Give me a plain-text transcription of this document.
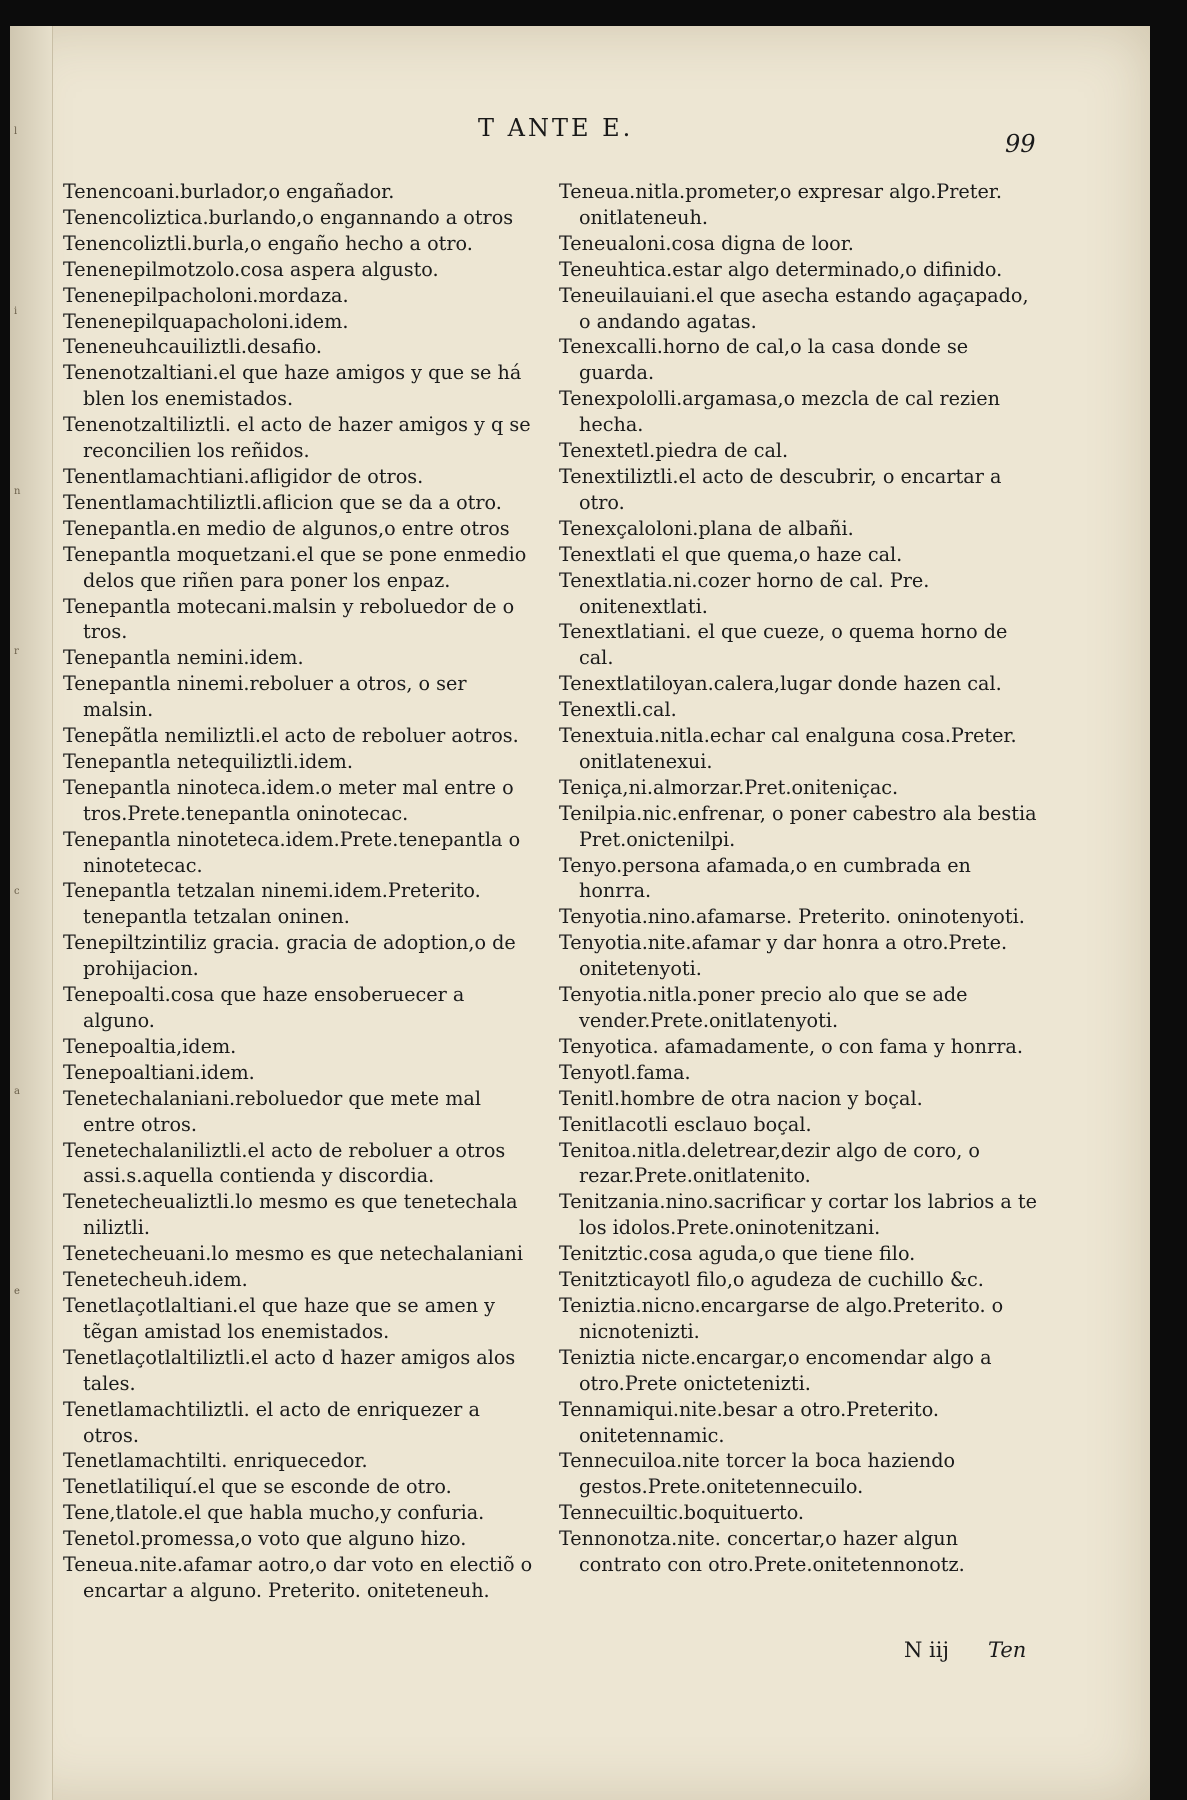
l
i
n
r
c
a
e
T ANTE E.
99
Tenencoani.burlador,o engañador.
Tenencoliztica.burlando,o engannando a otros
Tenencoliztli.burla,o engaño hecho a otro.
Tenenepilmotzolo.cosa aspera algusto.
Tenenepilpacholoni.mordaza.
Tenenepilquapacholoni.idem.
Teneneuhcauiliztli.desafio.
Tenenotzaltiani.el que haze amigos y que se há blen los enemistados.
Tenenotzaltiliztli. el acto de hazer amigos y q se reconcilien los reñidos.
Tenentlamachtiani.afligidor de otros.
Tenentlamachtiliztli.aflicion que se da a otro.
Tenepantla.en medio de algunos,o entre otros
Tenepantla moquetzani.el que se pone enmedio delos que riñen para poner los enpaz.
Tenepantla motecani.malsin y reboluedor de o tros.
Tenepantla nemini.idem.
Tenepantla ninemi.reboluer a otros, o ser malsin.
Tenepãtla nemiliztli.el acto de reboluer aotros.
Tenepantla netequiliztli.idem.
Tenepantla ninoteca.idem.o meter mal entre o tros.Prete.tenepantla oninotecac.
Tenepantla ninoteteca.idem.Prete.tenepantla o ninotetecac.
Tenepantla tetzalan ninemi.idem.Preterito. tenepantla tetzalan oninen.
Tenepiltzintiliz gracia. gracia de adoption,o de prohijacion.
Tenepoalti.cosa que haze ensoberuecer a alguno.
Tenepoaltia,idem.
Tenepoaltiani.idem.
Tenetechalaniani.reboluedor que mete mal entre otros.
Tenetechalaniliztli.el acto de reboluer a otros assi.s.aquella contienda y discordia.
Tenetecheualiztli.lo mesmo es que tenetechala niliztli.
Tenetecheuani.lo mesmo es que netechalaniani
Tenetecheuh.idem.
Tenetlaçotlaltiani.el que haze que se amen y tẽgan amistad los enemistados.
Tenetlaçotlaltiliztli.el acto d hazer amigos alos tales.
Tenetlamachtiliztli. el acto de enriquezer a otros.
Tenetlamachtilti. enriquecedor.
Tenetlatiliquí.el que se esconde de otro.
Tene,tlatole.el que habla mucho,y confuria.
Tenetol.promessa,o voto que alguno hizo.
Teneua.nite.afamar aotro,o dar voto en electiõ o encartar a alguno. Preterito. oniteteneuh.
Teneua.nitla.prometer,o expresar algo.Preter. onitlateneuh.
Teneualoni.cosa digna de loor.
Teneuhtica.estar algo determinado,o difinido.
Teneuilauiani.el que asecha estando agaçapado, o andando agatas.
Tenexcalli.horno de cal,o la casa donde se guarda.
Tenexpololli.argamasa,o mezcla de cal rezien hecha.
Tenextetl.piedra de cal.
Tenextiliztli.el acto de descubrir, o encartar a otro.
Tenexçaloloni.plana de albañi.
Tenextlati el que quema,o haze cal.
Tenextlatia.ni.cozer horno de cal. Pre. onitenextlati.
Tenextlatiani. el que cueze, o quema horno de cal.
Tenextlatiloyan.calera,lugar donde hazen cal.
Tenextli.cal.
Tenextuia.nitla.echar cal enalguna cosa.Preter. onitlatenexui.
Teniça,ni.almorzar.Pret.oniteniçac.
Tenilpia.nic.enfrenar, o poner cabestro ala bestia Pret.onictenilpi.
Tenyo.persona afamada,o en cumbrada en honrra.
Tenyotia.nino.afamarse. Preterito. oninotenyoti.
Tenyotia.nite.afamar y dar honra a otro.Prete. onitetenyoti.
Tenyotia.nitla.poner precio alo que se ade vender.Prete.onitlatenyoti.
Tenyotica. afamadamente, o con fama y honrra.
Tenyotl.fama.
Tenitl.hombre de otra nacion y boçal.
Tenitlacotli esclauo boçal.
Tenitoa.nitla.deletrear,dezir algo de coro, o rezar.Prete.onitlatenito.
Tenitzania.nino.sacrificar y cortar los labrios a te los idolos.Prete.oninotenitzani.
Tenitztic.cosa aguda,o que tiene filo.
Tenitzticayotl filo,o agudeza de cuchillo &c.
Teniztia.nicno.encargarse de algo.Preterito. o nicnotenizti.
Teniztia nicte.encargar,o encomendar algo a otro.Prete onictetenizti.
Tennamiqui.nite.besar a otro.Preterito. onitetennamic.
Tennecuiloa.nite torcer la boca haziendo gestos.Prete.onitetennecuilo.
Tennecuiltic.boquituerto.
Tennonotza.nite. concertar,o hazer algun contrato con otro.Prete.onitetennonotz.
N iij Ten
